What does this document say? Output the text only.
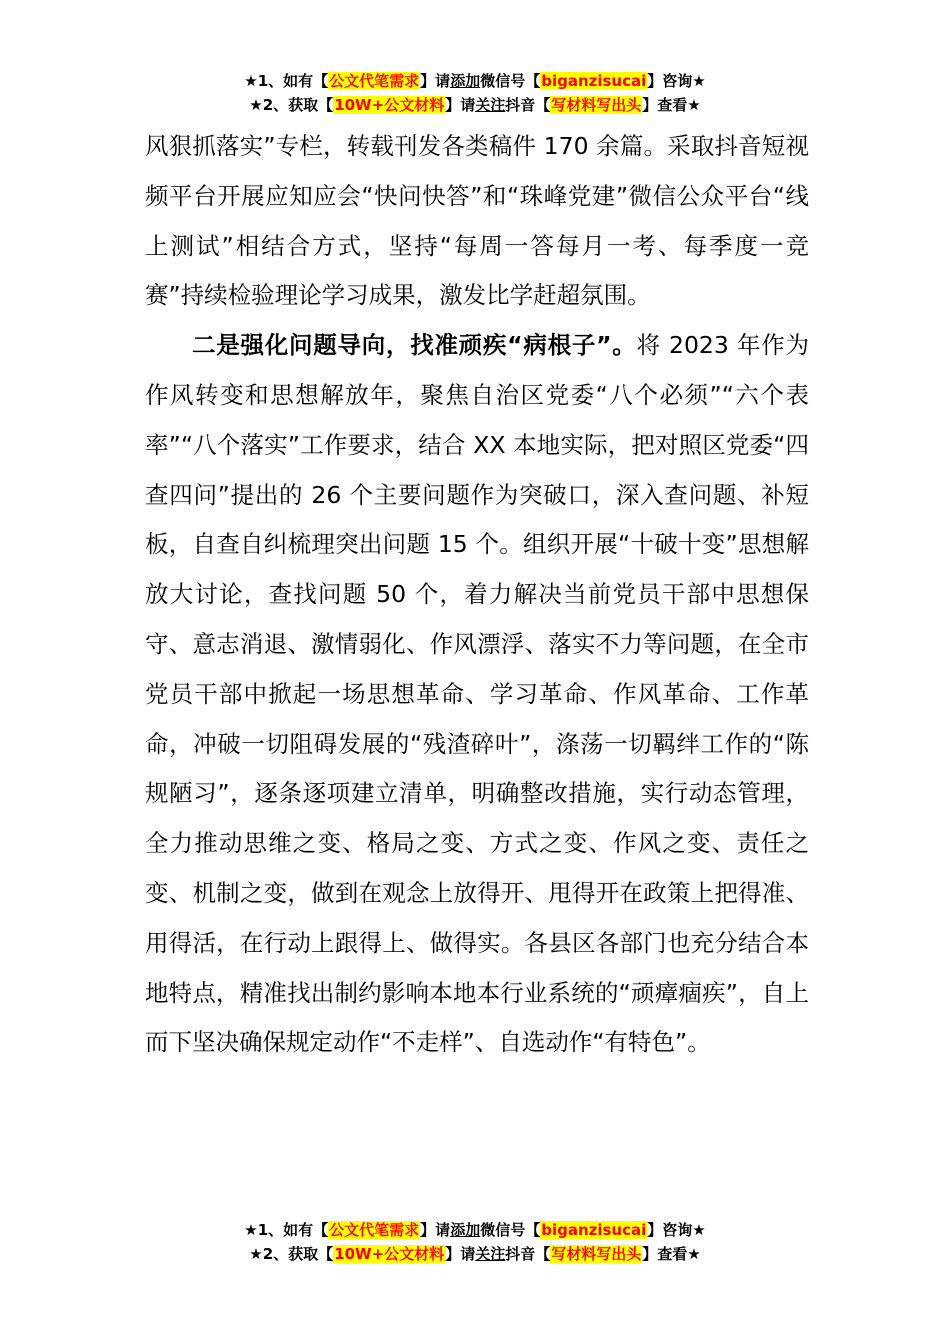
★1、如有【公文代笔需求】请添加微信号【biganzisucai】咨询★
★2、获取【10W+公文材料】请关注抖音【写材料写出头】查看★

风狠抓落实”专栏，转载刊发各类稿件 170 余篇。采取抖音短视频平台开展应知应会“快问快答”和“珠峰党建”微信公众平台“线上测试”相结合方式，坚持“每周一答每月一考、每季度一竞赛”持续检验理论学习成果，激发比学赶超氛围。

二是强化问题导向，找准顽疾“病根子”。将 2023 年作为作风转变和思想解放年，聚焦自治区党委“八个必须”“六个表率”“八个落实”工作要求，结合 XX 本地实际，把对照区党委“四查四问”提出的 26 个主要问题作为突破口，深入查问题、补短板，自查自纠梳理突出问题 15 个。组织开展“十破十变”思想解放大讨论，查找问题 50 个，着力解决当前党员干部中思想保守、意志消退、激情弱化、作风漂浮、落实不力等问题，在全市党员干部中掀起一场思想革命、学习革命、作风革命、工作革命，冲破一切阻碍发展的“残渣碎叶”，涤荡一切羁绊工作的“陈规陋习”，逐条逐项建立清单，明确整改措施，实行动态管理，全力推动思维之变、格局之变、方式之变、作风之变、责任之变、机制之变，做到在观念上放得开、甩得开在政策上把得准、用得活，在行动上跟得上、做得实。各县区各部门也充分结合本地特点，精准找出制约影响本地本行业系统的“顽瘴痼疾”，自上而下坚决确保规定动作“不走样”、自选动作“有特色”。

★1、如有【公文代笔需求】请添加微信号【biganzisucai】咨询★
★2、获取【10W+公文材料】请关注抖音【写材料写出头】查看★
